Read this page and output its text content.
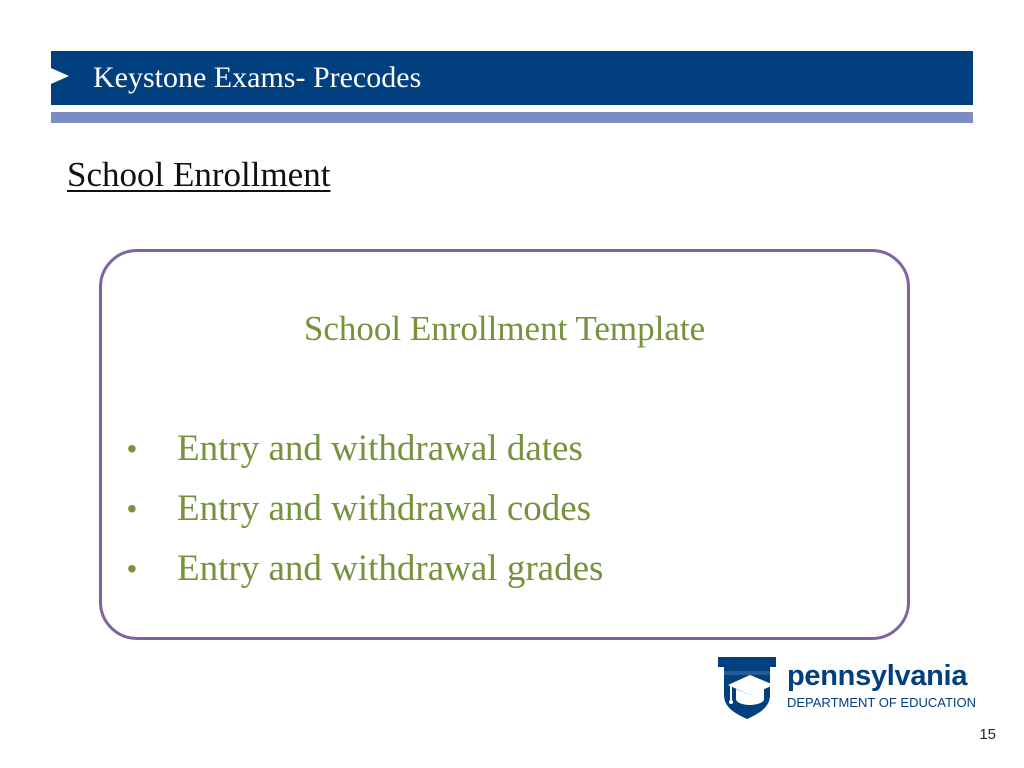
Keystone Exams- Precodes
School Enrollment
School Enrollment Template
• Entry and withdrawal dates
• Entry and withdrawal codes
• Entry and withdrawal grades
pennsylvania
DEPARTMENT OF EDUCATION
15
